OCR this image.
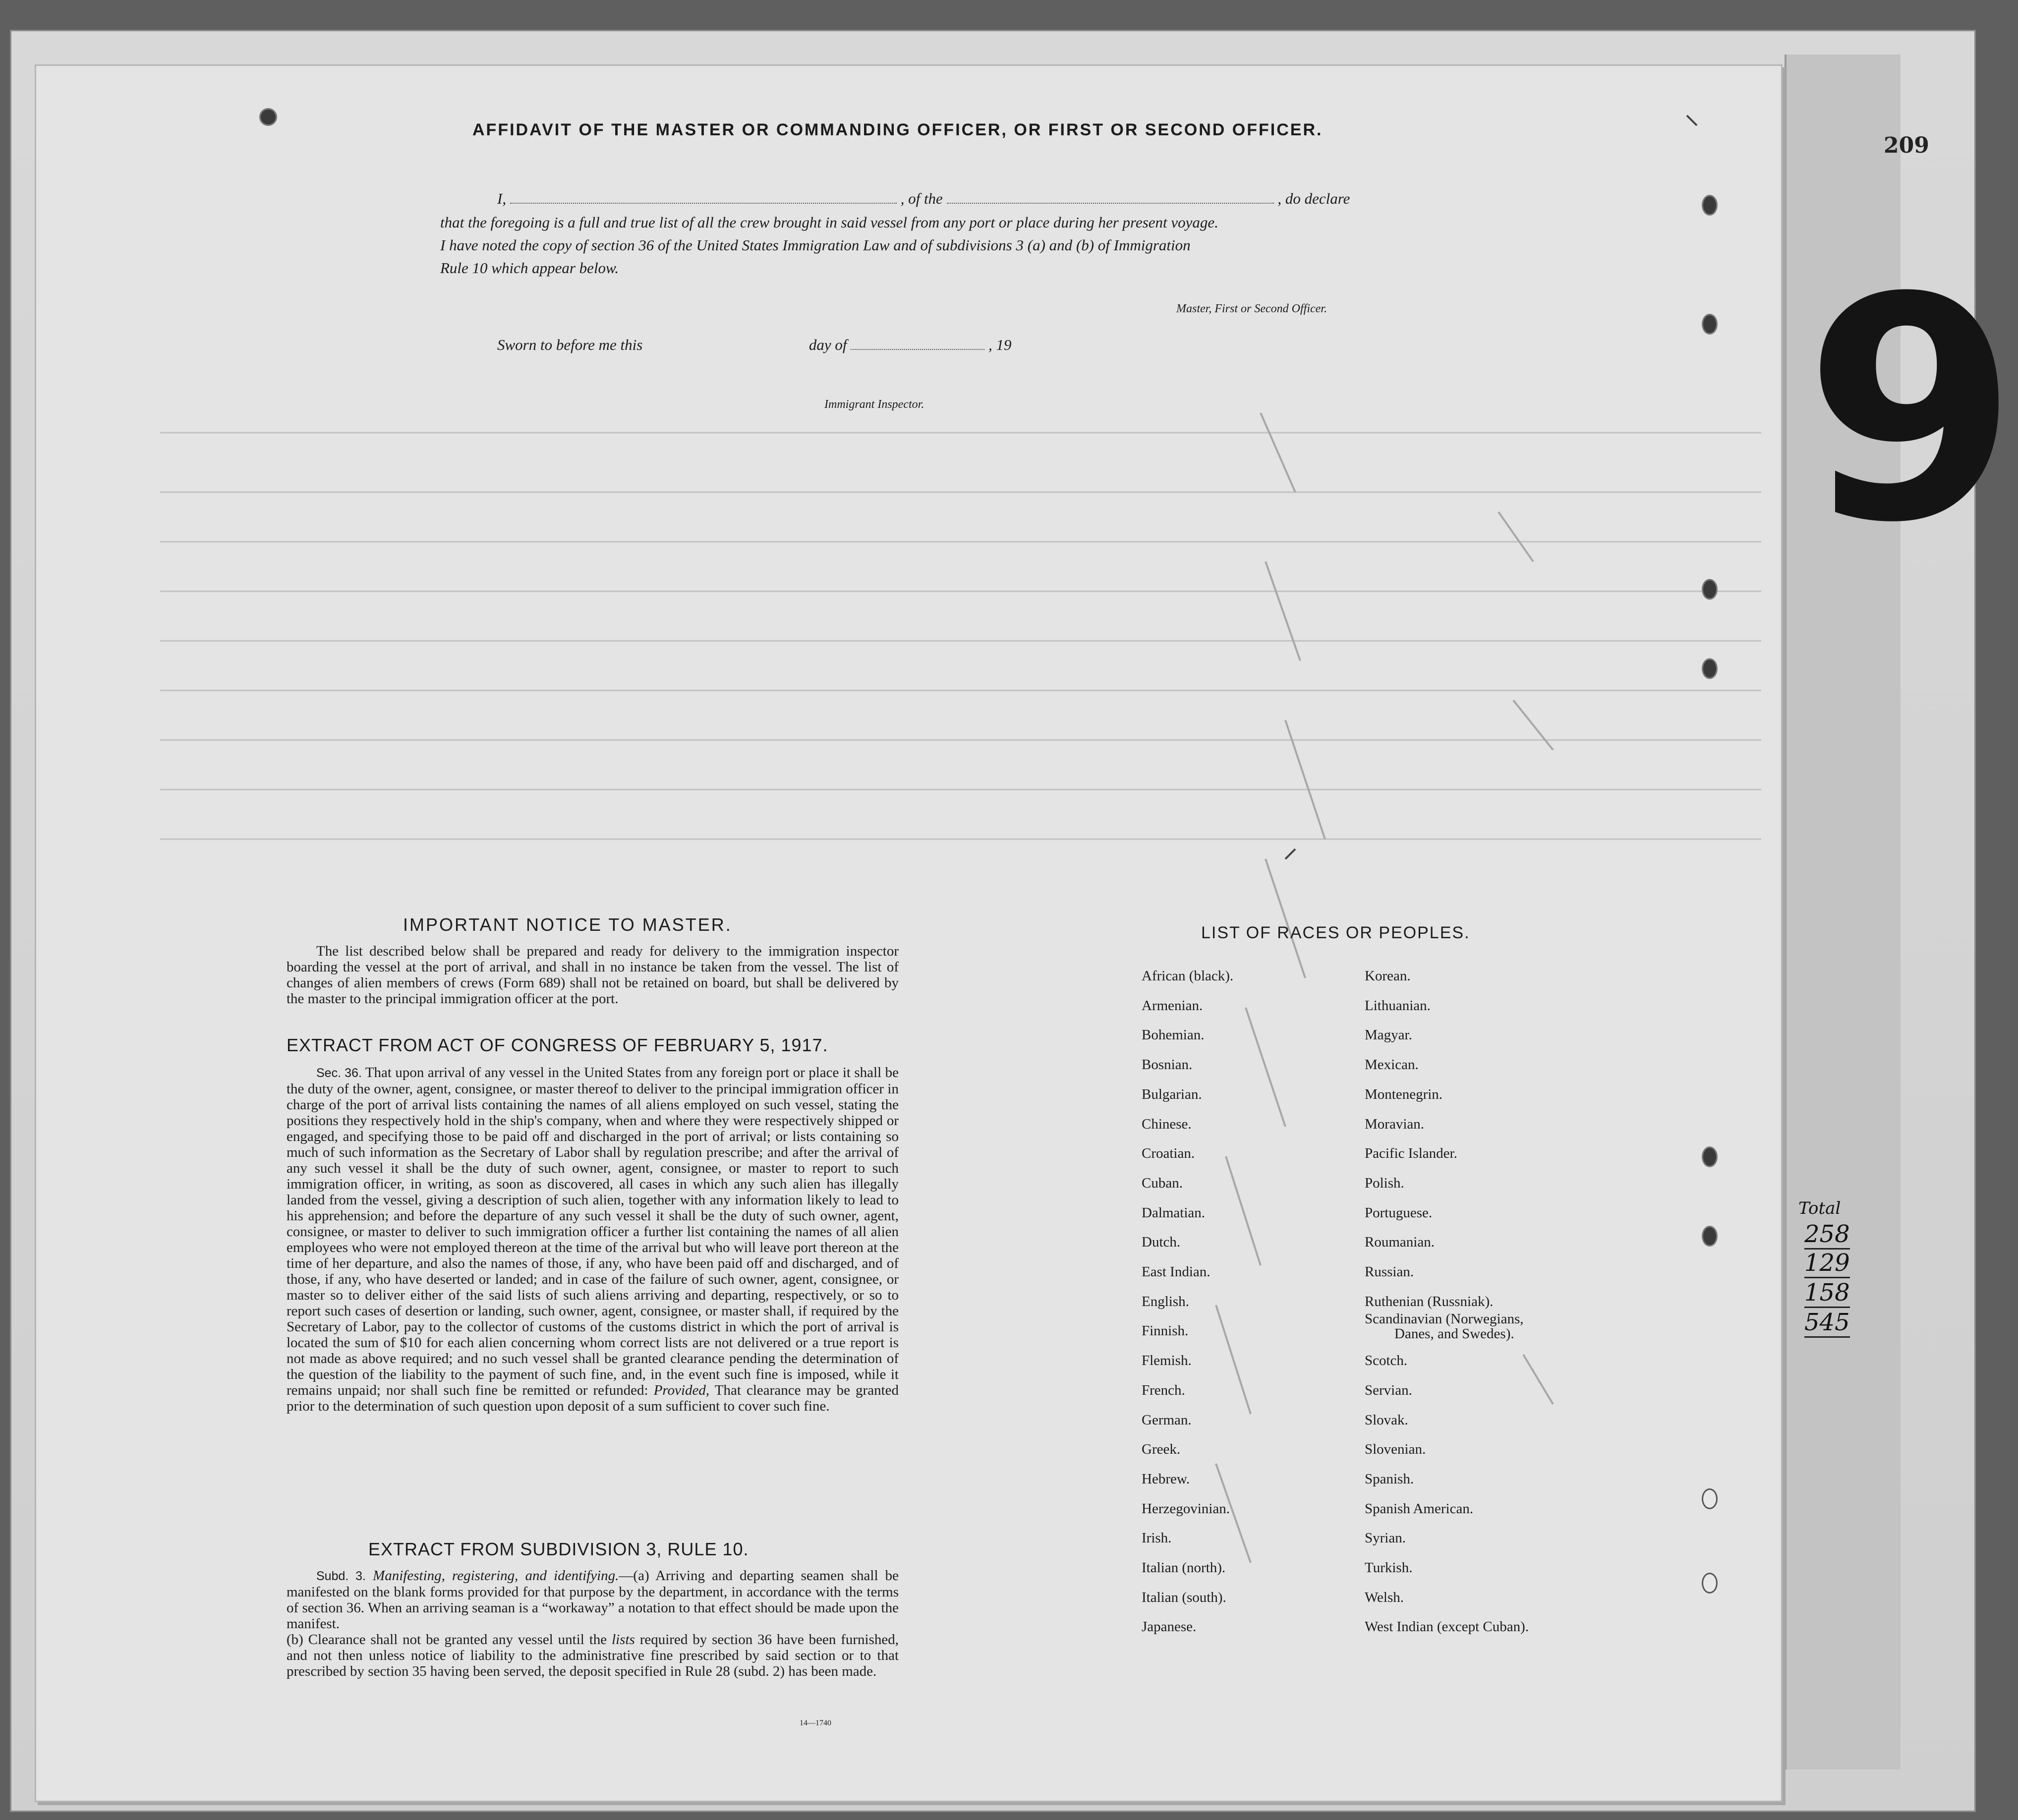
209
9
Total
258
129
158
545
AFFIDAVIT OF THE MASTER OR COMMANDING OFFICER, OR FIRST OR SECOND OFFICER.
I,	, of the	, do declare
that the foregoing is a full and true list of all the crew brought in said vessel from any port or place during her present voyage.
I have noted the copy of section 36 of the United States Immigration Law and of subdivisions 3 (a) and (b) of Immigration
Rule 10 which appear below.
Master, First or Second Officer.
Sworn to before me this	day of	, 19
Immigrant Inspector.
IMPORTANT NOTICE TO MASTER.

The list described below shall be prepared and ready for delivery to the immigration inspector boarding the vessel at the port of arrival, and shall in no instance be taken from the vessel. The list of changes of alien members of crews (Form 689) shall not be retained on board, but shall be delivered by the master to the principal immigration officer at the port.

EXTRACT FROM ACT OF CONGRESS OF FEBRUARY 5, 1917.

Sec. 36. That upon arrival of any vessel in the United States from any foreign port or place it shall be the duty of the owner, agent, consignee, or master thereof to deliver to the principal immigration officer in charge of the port of arrival lists containing the names of all aliens employed on such vessel, stating the positions they respectively hold in the ship's company, when and where they were respectively shipped or engaged, and specifying those to be paid off and discharged in the port of arrival; or lists containing so much of such information as the Secretary of Labor shall by regulation prescribe; and after the arrival of any such vessel it shall be the duty of such owner, agent, consignee, or master to report to such immigration officer, in writing, as soon as discovered, all cases in which any such alien has illegally landed from the vessel, giving a description of such alien, together with any information likely to lead to his apprehension; and before the departure of any such vessel it shall be the duty of such owner, agent, consignee, or master to deliver to such immigration officer a further list containing the names of all alien employees who were not employed thereon at the time of the arrival but who will leave port thereon at the time of her departure, and also the names of those, if any, who have been paid off and discharged, and of those, if any, who have deserted or landed; and in case of the failure of such owner, agent, consignee, or master so to deliver either of the said lists of such aliens arriving and departing, respectively, or so to report such cases of desertion or landing, such owner, agent, consignee, or master shall, if required by the Secretary of Labor, pay to the collector of customs of the customs district in which the port of arrival is located the sum of $10 for each alien concerning whom correct lists are not delivered or a true report is not made as above required; and no such vessel shall be granted clearance pending the determination of the question of the liability to the payment of such fine, and, in the event such fine is imposed, while it remains unpaid; nor shall such fine be remitted or refunded: Provided, That clearance may be granted prior to the determination of such question upon deposit of a sum sufficient to cover such fine.

EXTRACT FROM SUBDIVISION 3, RULE 10.

Subd. 3. Manifesting, registering, and identifying.—(a) Arriving and departing seamen shall be manifested on the blank forms provided for that purpose by the department, in accordance with the terms of section 36. When an arriving seaman is a “workaway” a notation to that effect should be made upon the manifest.

(b) Clearance shall not be granted any vessel until the lists required by section 36 have been furnished, and not then unless notice of liability to the administrative fine prescribed by said section or to that prescribed by section 35 having been served, the deposit specified in Rule 28 (subd. 2) has been made.

14—1740
LIST OF RACES OR PEOPLES.
African (black).
Armenian.
Bohemian.
Bosnian.
Bulgarian.
Chinese.
Croatian.
Cuban.
Dalmatian.
Dutch.
East Indian.
English.
Finnish.
Flemish.
French.
German.
Greek.
Hebrew.
Herzegovinian.
Irish.
Italian (north).
Italian (south).
Japanese.
Korean.
Lithuanian.
Magyar.
Mexican.
Montenegrin.
Moravian.
Pacific Islander.
Polish.
Portuguese.
Roumanian.
Russian.
Ruthenian (Russniak).
Scandinavian (Norwegians,
Danes, and Swedes).
Scotch.
Servian.
Slovak.
Slovenian.
Spanish.
Spanish American.
Syrian.
Turkish.
Welsh.
West Indian (except Cuban).
